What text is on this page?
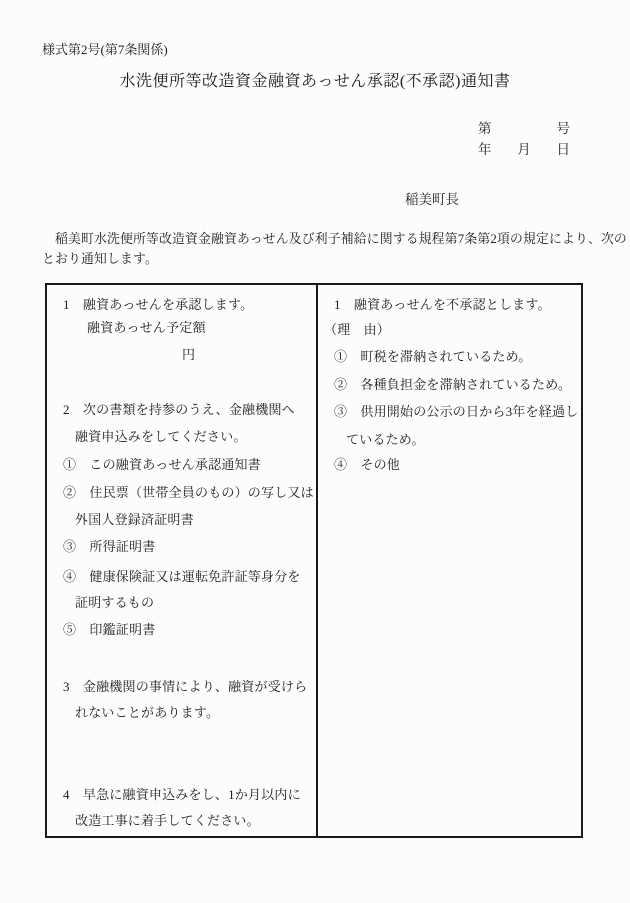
様式第2号(第7条関係)
水洗便所等改造資金融資あっせん承認(不承認)通知書
第	号
年 月 日
稲美町長
　稲美町水洗便所等改造資金融資あっせん及び利子補給に関する規程第7条第2項の規定により、次の
とおり通知します。
1　融資あっせんを承認します。
融資あっせん予定額
円
2　次の書類を持参のうえ、金融機関へ
融資申込みをしてください。
①　この融資あっせん承認通知書
②　住民票（世帯全員のもの）の写し又は
外国人登録済証明書
③　所得証明書
④　健康保険証又は運転免許証等身分を
証明するもの
⑤　印鑑証明書
3　金融機関の事情により、融資が受けら
れないことがあります。
4　早急に融資申込みをし、1か月以内に
改造工事に着手してください。
1　融資あっせんを不承認とします。
（理　由）
①　町税を滞納されているため。
②　各種負担金を滞納されているため。
③　供用開始の公示の日から3年を経過し
ているため。
④　その他
